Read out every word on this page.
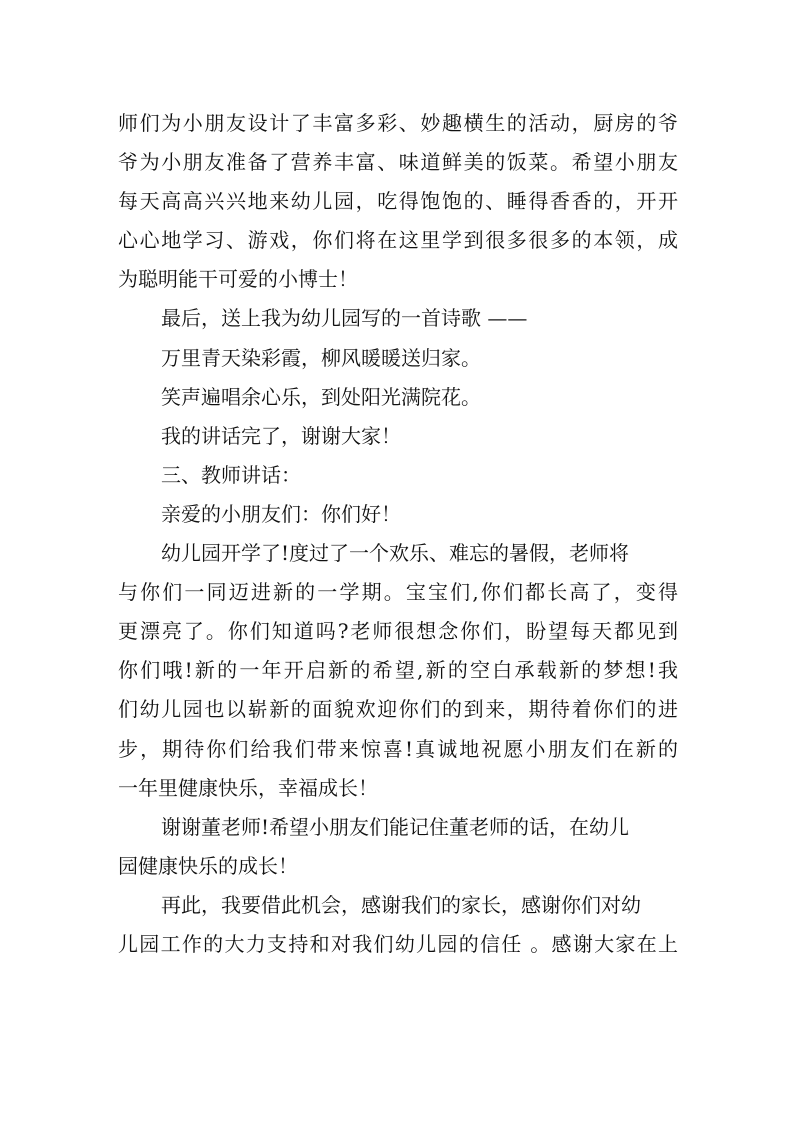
师们为小朋友设计了丰富多彩、妙趣横生的活动，厨房的爷
爷为小朋友准备了营养丰富、味道鲜美的饭菜。希望小朋友
每天高高兴兴地来幼儿园，吃得饱饱的、睡得香香的，开开
心心地学习、游戏，你们将在这里学到很多很多的本领，成
为聪明能干可爱的小博士！
最后，送上我为幼儿园写的一首诗歌 ——
万里青天染彩霞，柳风暖暖送归家。
笑声遍唱余心乐，到处阳光满院花。
我的讲话完了，谢谢大家！
三、教师讲话：
亲爱的小朋友们：你们好！
幼儿园开学了!度过了一个欢乐、难忘的暑假，老师将
与你们一同迈进新的一学期。宝宝们,你们都长高了，变得
更漂亮了。你们知道吗?老师很想念你们，盼望每天都见到
你们哦!新的一年开启新的希望,新的空白承载新的梦想!我
们幼儿园也以崭新的面貌欢迎你们的到来，期待着你们的进
步，期待你们给我们带来惊喜!真诚地祝愿小朋友们在新的
一年里健康快乐，幸福成长！
谢谢董老师!希望小朋友们能记住董老师的话，在幼儿
园健康快乐的成长！
再此，我要借此机会，感谢我们的家长，感谢你们对幼
儿园工作的大力支持和对我们幼儿园的信任 。感谢大家在上
